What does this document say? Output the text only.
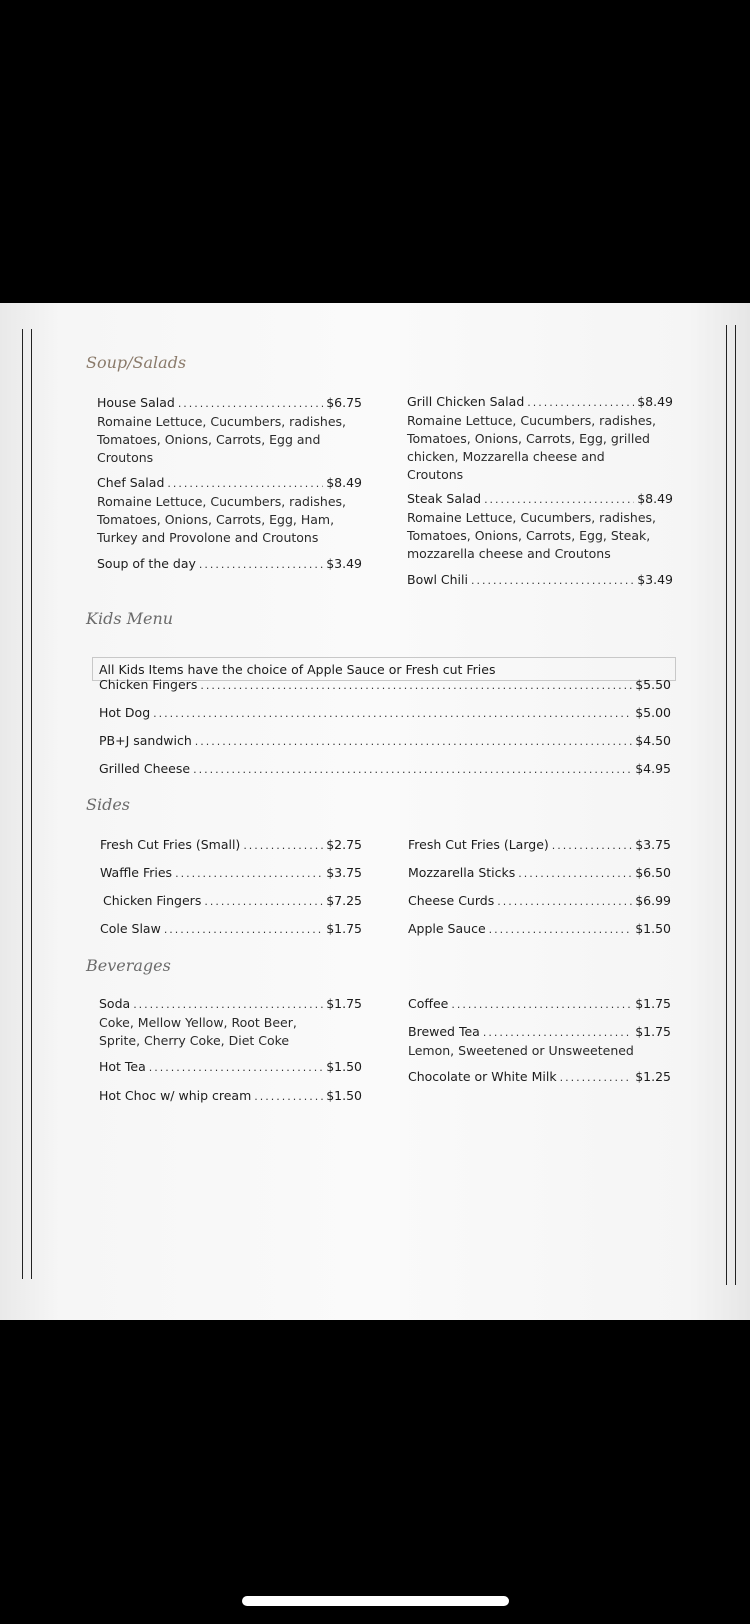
Soup/Salads
House Salad .....	$6.75
Romaine Lettuce, Cucumbers, radishes, Tomatoes, Onions, Carrots, Egg and Croutons
Chef Salad .....	$8.49
Romaine Lettuce, Cucumbers, radishes, Tomatoes, Onions, Carrots, Egg, Ham, Turkey and Provolone and Croutons
Soup of the day .....	$3.49
Grill Chicken Salad .....	$8.49
Romaine Lettuce, Cucumbers, radishes, Tomatoes, Onions, Carrots, Egg, grilled chicken, Mozzarella cheese and Croutons
Steak Salad .....	$8.49
Romaine Lettuce, Cucumbers, radishes, Tomatoes, Onions, Carrots, Egg, Steak, mozzarella cheese and Croutons
Bowl Chili .....	$3.49
Kids Menu
All Kids Items have the choice of Apple Sauce or Fresh cut Fries
Chicken Fingers .....	$5.50
Hot Dog .....	$5.00
PB+J sandwich .....	$4.50
Grilled Cheese .....	$4.95
Sides
Fresh Cut Fries (Small) .....	$2.75
Waffle Fries .....	$3.75
Chicken Fingers .....	$7.25
Cole Slaw .....	$1.75
Fresh Cut Fries (Large) .....	$3.75
Mozzarella Sticks .....	$6.50
Cheese Curds .....	$6.99
Apple Sauce .....	$1.50
Beverages
Soda .....	$1.75
Coke, Mellow Yellow, Root Beer, Sprite, Cherry Coke, Diet Coke
Hot Tea .....	$1.50
Hot Choc w/ whip cream .....	$1.50
Coffee .....	$1.75
Brewed Tea .....	$1.75
Lemon, Sweetened or Unsweetened
Chocolate or White Milk .....	$1.25
